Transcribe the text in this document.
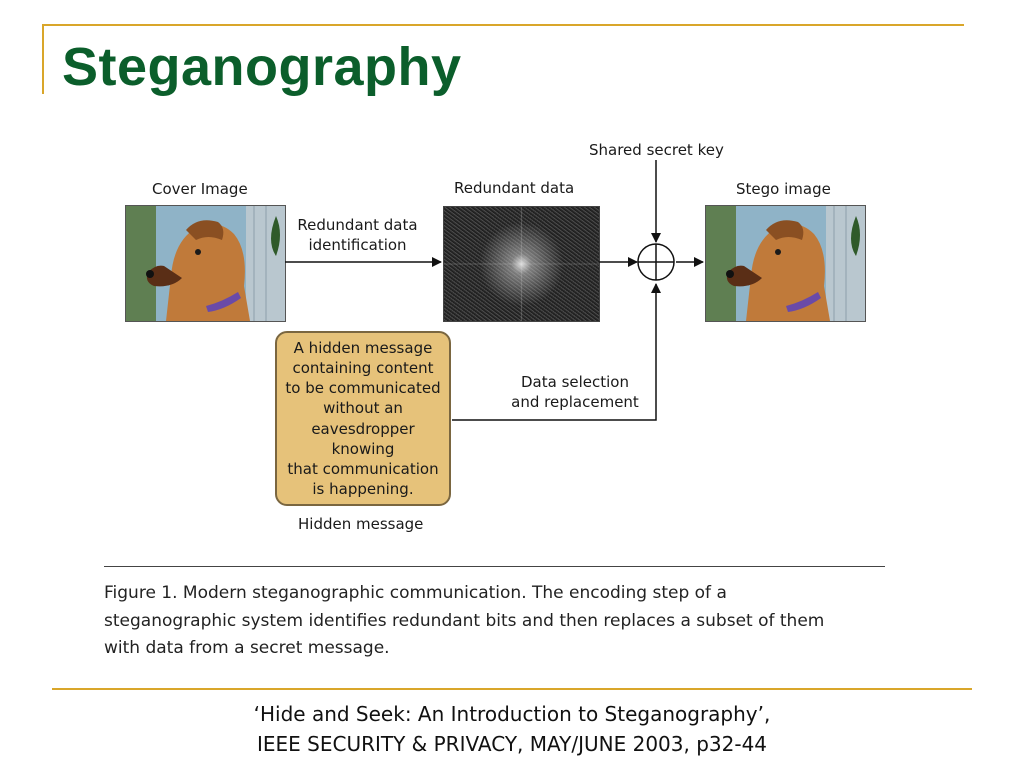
Steganography
Cover Image	Redundant data	Stego image
Shared secret key
Redundant data
identification
Data selection
and replacement
A hidden message
containing content
to be communicated
without an
eavesdropper
knowing
that communication
is happening.
Hidden message

Figure 1. Modern steganographic communication. The encoding step of a
steganographic system identifies redundant bits and then replaces a subset of them
with data from a secret message.

‘Hide and Seek: An Introduction to Steganography’,
IEEE SECURITY & PRIVACY, MAY/JUNE 2003, p32-44
